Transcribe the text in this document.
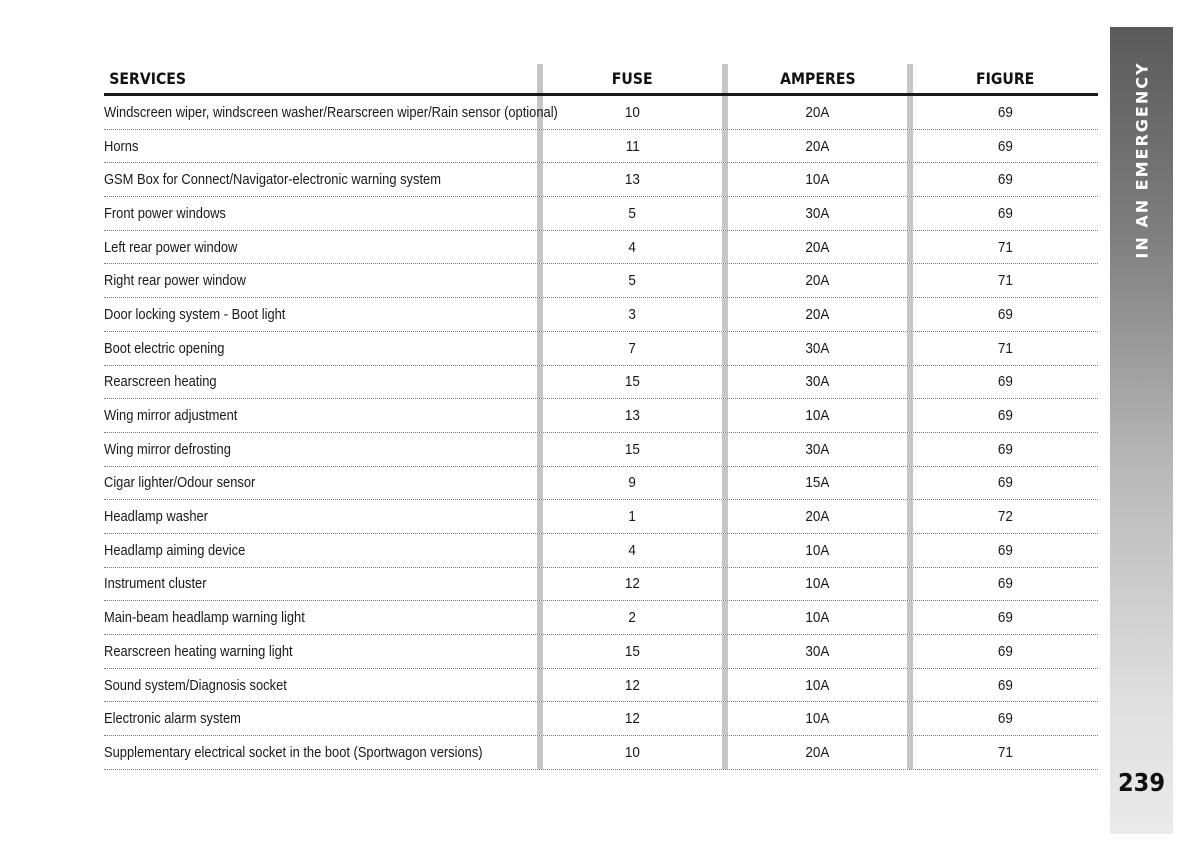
IN AN EMERGENCY
239
SERVICES	FUSE	AMPERES	FIGURE
Windscreen wiper, windscreen washer/Rearscreen wiper/Rain sensor (optional)	10	20A	69
Horns	11	20A	69
GSM Box for Connect/Navigator-electronic warning system	13	10A	69
Front power windows	5	30A	69
Left rear power window	4	20A	71
Right rear power window	5	20A	71
Door locking system - Boot light	3	20A	69
Boot electric opening	7	30A	71
Rearscreen heating	15	30A	69
Wing mirror adjustment	13	10A	69
Wing mirror defrosting	15	30A	69
Cigar lighter/Odour sensor	9	15A	69
Headlamp washer	1	20A	72
Headlamp aiming device	4	10A	69
Instrument cluster	12	10A	69
Main-beam headlamp warning light	2	10A	69
Rearscreen heating warning light	15	30A	69
Sound system/Diagnosis socket	12	10A	69
Electronic alarm system	12	10A	69
Supplementary electrical socket in the boot (Sportwagon versions)	10	20A	71
